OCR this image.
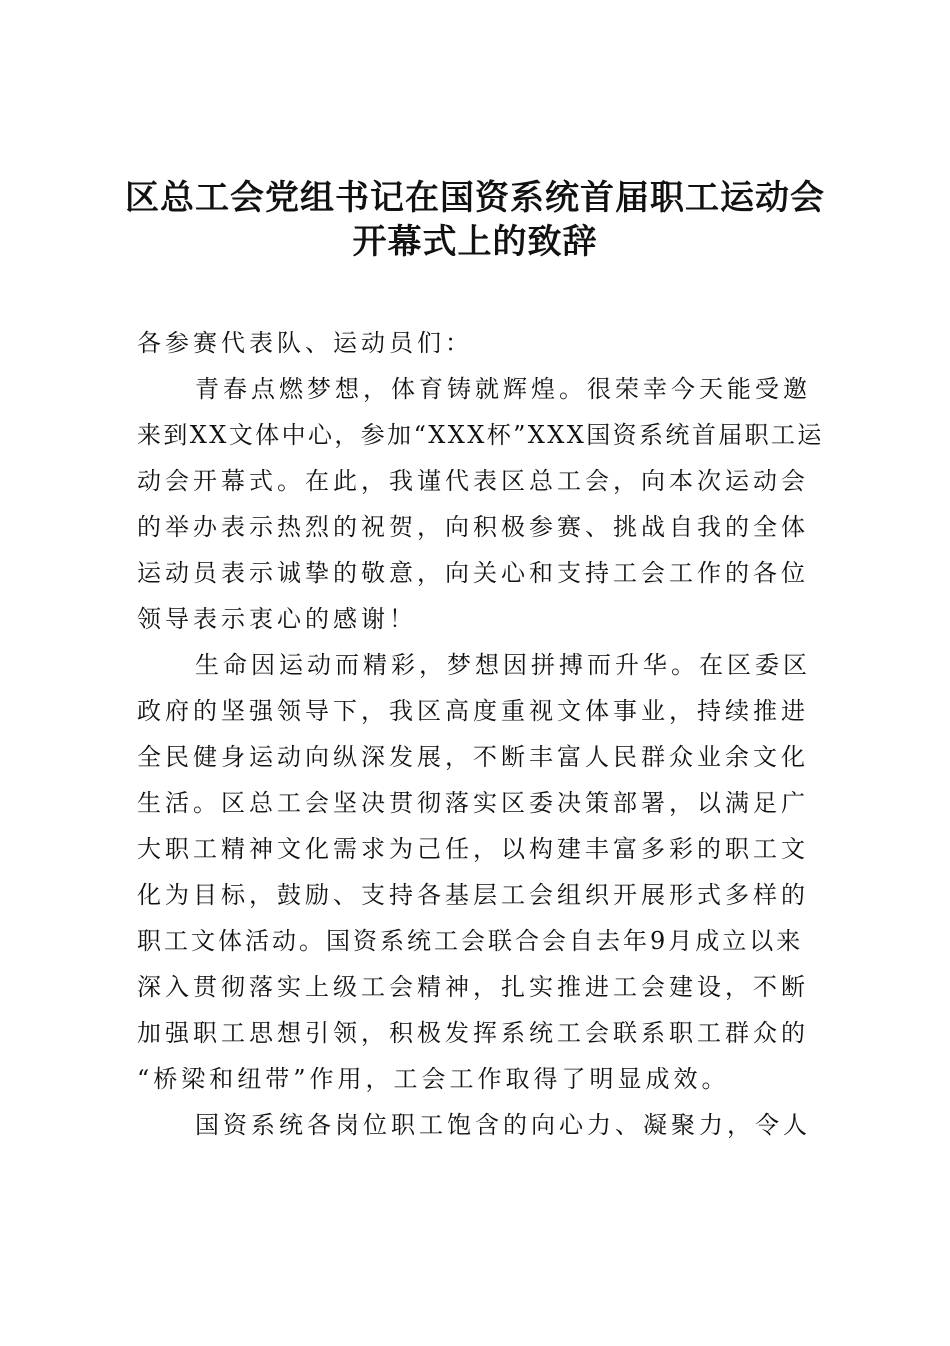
区总工会党组书记在国资系统首届职工运动会

开幕式上的致辞

各参赛代表队、运动员们：
青春点燃梦想，体育铸就辉煌。很荣幸今天能受邀
来到XX文体中心，参加“XXX杯”XXX国资系统首届职工运
动会开幕式。在此，我谨代表区总工会，向本次运动会
的举办表示热烈的祝贺，向积极参赛、挑战自我的全体
运动员表示诚挚的敬意，向关心和支持工会工作的各位
领导表示衷心的感谢！
生命因运动而精彩，梦想因拼搏而升华。在区委区
政府的坚强领导下，我区高度重视文体事业，持续推进
全民健身运动向纵深发展，不断丰富人民群众业余文化
生活。区总工会坚决贯彻落实区委决策部署，以满足广
大职工精神文化需求为己任，以构建丰富多彩的职工文
化为目标，鼓励、支持各基层工会组织开展形式多样的
职工文体活动。国资系统工会联合会自去年9月成立以来
深入贯彻落实上级工会精神，扎实推进工会建设，不断
加强职工思想引领，积极发挥系统工会联系职工群众的
“桥梁和纽带”作用，工会工作取得了明显成效。
国资系统各岗位职工饱含的向心力、凝聚力，令人
